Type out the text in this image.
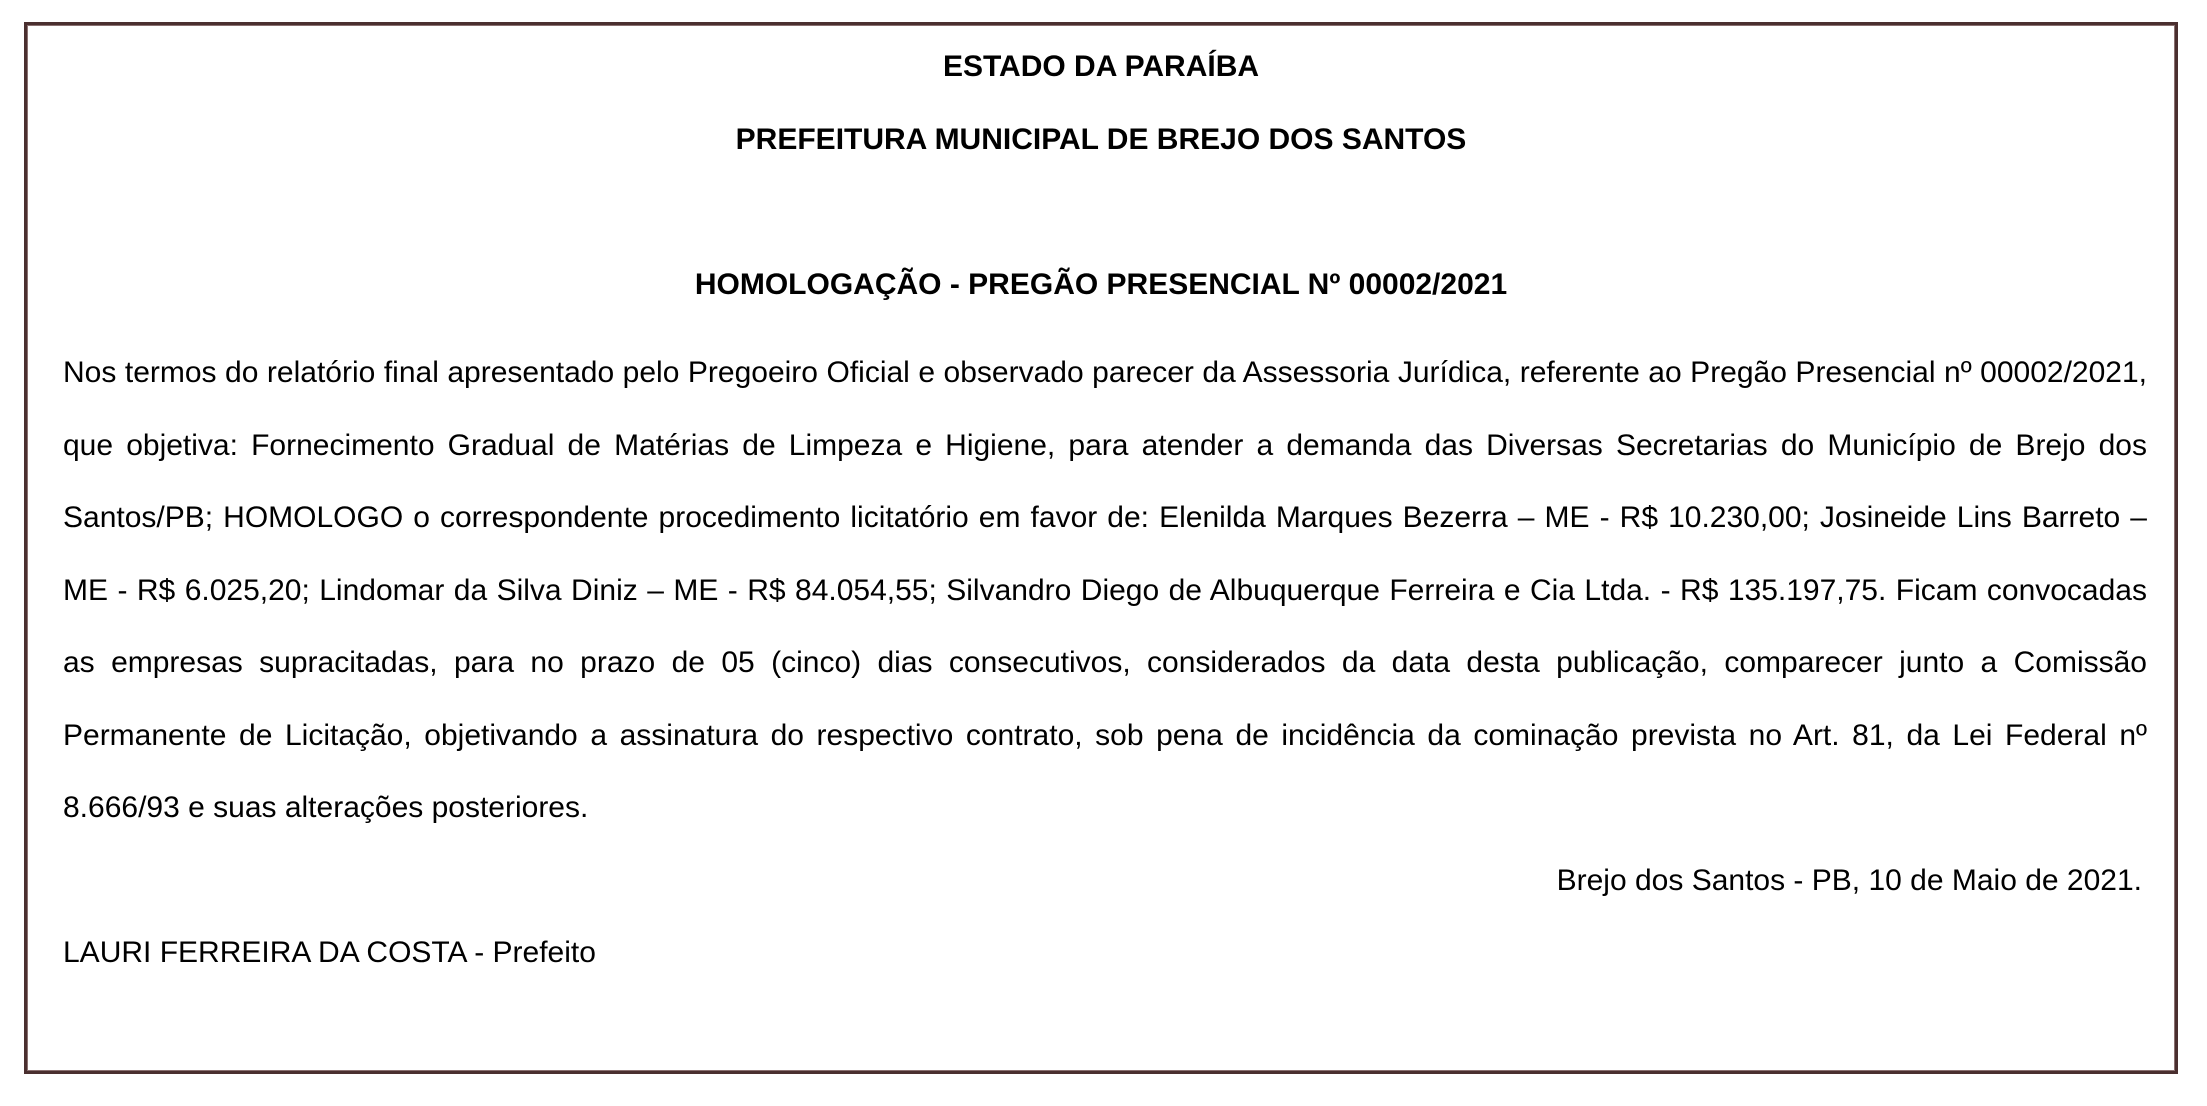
ESTADO DA PARAÍBA
PREFEITURA MUNICIPAL DE BREJO DOS SANTOS
HOMOLOGAÇÃO - PREGÃO PRESENCIAL Nº 00002/2021

Nos termos do relatório final apresentado pelo Pregoeiro Oficial e observado parecer da Assessoria Jurídica, referente ao Pregão Presencial nº 00002/2021, que objetiva: Fornecimento Gradual de Matérias de Limpeza e Higiene, para atender a demanda das Diversas Secretarias do Município de Brejo dos Santos/PB; HOMOLOGO o correspondente procedimento licitatório em favor de: Elenilda Marques Bezerra – ME - R$ 10.230,00; Josineide Lins Barreto – ME - R$ 6.025,20; Lindomar da Silva Diniz – ME - R$ 84.054,55; Silvandro Diego de Albuquerque Ferreira e Cia Ltda. - R$ 135.197,75. Ficam convocadas as empresas supracitadas, para no prazo de 05 (cinco) dias consecutivos, considerados da data desta publicação, comparecer junto a Comissão Permanente de Licitação, objetivando a assinatura do respectivo contrato, sob pena de incidência da cominação prevista no Art. 81, da Lei Federal nº 8.666/93 e suas alterações posteriores.

Brejo dos Santos - PB, 10 de Maio de 2021.

LAURI FERREIRA DA COSTA - Prefeito
